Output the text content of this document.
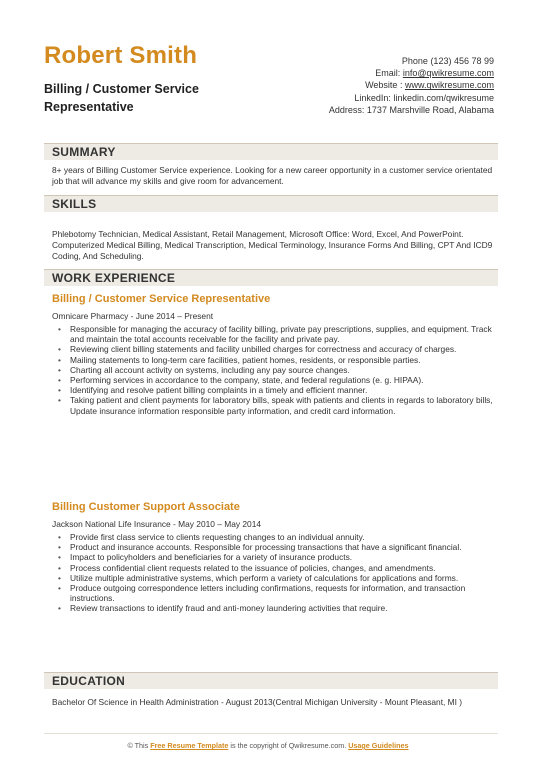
Robert Smith
Billing / Customer Service Representative
Phone (123) 456 78 99
Email: info@qwikresume.com
Website : www.qwikresume.com
LinkedIn: linkedin.com/qwikresume
Address: 1737 Marshville Road, Alabama
SUMMARY
8+ years of Billing Customer Service experience. Looking for a new career opportunity in a customer service orientated job that will advance my skills and give room for advancement.
SKILLS
Phlebotomy Technician, Medical Assistant, Retail Management, Microsoft Office: Word, Excel, And PowerPoint. Computerized Medical Billing, Medical Transcription, Medical Terminology, Insurance Forms And Billing, CPT And ICD9 Coding, And Scheduling.
WORK EXPERIENCE
Billing / Customer Service Representative
Omnicare Pharmacy - June 2014 – Present
• Responsible for managing the accuracy of facility billing, private pay prescriptions, supplies, and equipment. Track and maintain the total accounts receivable for the facility and private pay.
• Reviewing client billing statements and facility unbilled charges for correctness and accuracy of charges.
• Mailing statements to long-term care facilities, patient homes, residents, or responsible parties.
• Charting all account activity on systems, including any pay source changes.
• Performing services in accordance to the company, state, and federal regulations (e. g. HIPAA).
• Identifying and resolve patient billing complaints in a timely and efficient manner.
• Taking patient and client payments for laboratory bills, speak with patients and clients in regards to laboratory bills, Update insurance information responsible party information, and credit card information.
Billing Customer Support Associate
Jackson National Life Insurance - May 2010 – May 2014
• Provide first class service to clients requesting changes to an individual annuity.
• Product and insurance accounts. Responsible for processing transactions that have a significant financial.
• Impact to policyholders and beneficiaries for a variety of insurance products.
• Process confidential client requests related to the issuance of policies, changes, and amendments.
• Utilize multiple administrative systems, which perform a variety of calculations for applications and forms.
• Produce outgoing correspondence letters including confirmations, requests for information, and transaction instructions.
• Review transactions to identify fraud and anti-money laundering activities that require.
EDUCATION
Bachelor Of Science in Health Administration - August 2013(Central Michigan University - Mount Pleasant, MI )
© This Free Resume Template is the copyright of Qwikresume.com. Usage Guidelines
